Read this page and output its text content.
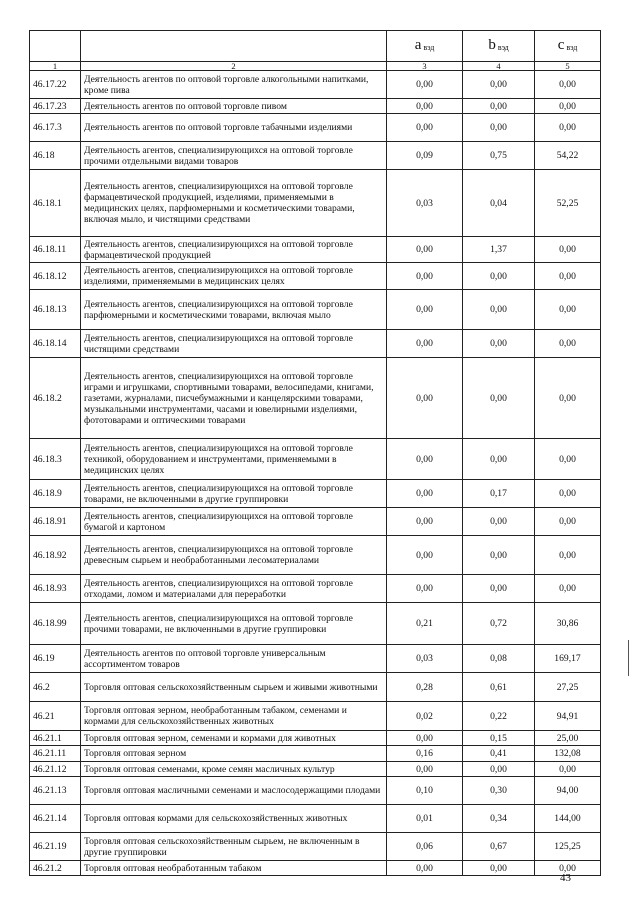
		a $_{вэд}$	b $_{вэд}$	c $_{вэд}$
1	2	3	4	5
46.17.22	Деятельность агентов по оптовой торговле алкогольными напитками, кроме пива	0,00	0,00	0,00
46.17.23	Деятельность агентов по оптовой торговле пивом	0,00	0,00	0,00
46.17.3	Деятельность агентов по оптовой торговле табачными изделиями	0,00	0,00	0,00
46.18	Деятельность агентов, специализирующихся на оптовой торговле прочими отдельными видами товаров	0,09	0,75	54,22
46.18.1	Деятельность агентов, специализирующихся на оптовой торговле фармацевтической продукцией, изделиями, применяемыми в медицинских целях, парфюмерными и косметическими товарами, включая мыло, и чистящими средствами	0,03	0,04	52,25
46.18.11	Деятельность агентов, специализирующихся на оптовой торговле фармацевтической продукцией	0,00	1,37	0,00
46.18.12	Деятельность агентов, специализирующихся на оптовой торговле изделиями, применяемыми в медицинских целях	0,00	0,00	0,00
46.18.13	Деятельность агентов, специализирующихся на оптовой торговле парфюмерными и косметическими товарами, включая мыло	0,00	0,00	0,00
46.18.14	Деятельность агентов, специализирующихся на оптовой торговле чистящими средствами	0,00	0,00	0,00
46.18.2	Деятельность агентов, специализирующихся на оптовой торговле играми и игрушками, спортивными товарами, велосипедами, книгами, газетами, журналами, писчебумажными и канцелярскими товарами, музыкальными инструментами, часами и ювелирными изделиями, фототоварами и оптическими товарами	0,00	0,00	0,00
46.18.3	Деятельность агентов, специализирующихся на оптовой торговле техникой, оборудованием и инструментами, применяемыми в медицинских целях	0,00	0,00	0,00
46.18.9	Деятельность агентов, специализирующихся на оптовой торговле товарами, не включенными в другие группировки	0,00	0,17	0,00
46.18.91	Деятельность агентов, специализирующихся на оптовой торговле бумагой и картоном	0,00	0,00	0,00
46.18.92	Деятельность агентов, специализирующихся на оптовой торговле древесным сырьем и необработанными лесоматериалами	0,00	0,00	0,00
46.18.93	Деятельность агентов, специализирующихся на оптовой торговле отходами, ломом и материалами для переработки	0,00	0,00	0,00
46.18.99	Деятельность агентов, специализирующихся на оптовой торговле прочими товарами, не включенными в другие группировки	0,21	0,72	30,86
46.19	Деятельность агентов по оптовой торговле универсальным ассортиментом товаров	0,03	0,08	169,17
46.2	Торговля оптовая сельскохозяйственным сырьем и живыми животными	0,28	0,61	27,25
46.21	Торговля оптовая зерном, необработанным табаком, семенами и кормами для сельскохозяйственных животных	0,02	0,22	94,91
46.21.1	Торговля оптовая зерном, семенами и кормами для животных	0,00	0,15	25,00
46.21.11	Торговля оптовая зерном	0,16	0,41	132,08
46.21.12	Торговля оптовая семенами, кроме семян масличных культур	0,00	0,00	0,00
46.21.13	Торговля оптовая масличными семенами и маслосодержащими плодами	0,10	0,30	94,00
46.21.14	Торговля оптовая кормами для сельскохозяйственных животных	0,01	0,34	144,00
46.21.19	Торговля оптовая сельскохозяйственным сырьем, не включенным в другие группировки	0,06	0,67	125,25
46.21.2	Торговля оптовая необработанным табаком	0,00	0,00	0,00
43
